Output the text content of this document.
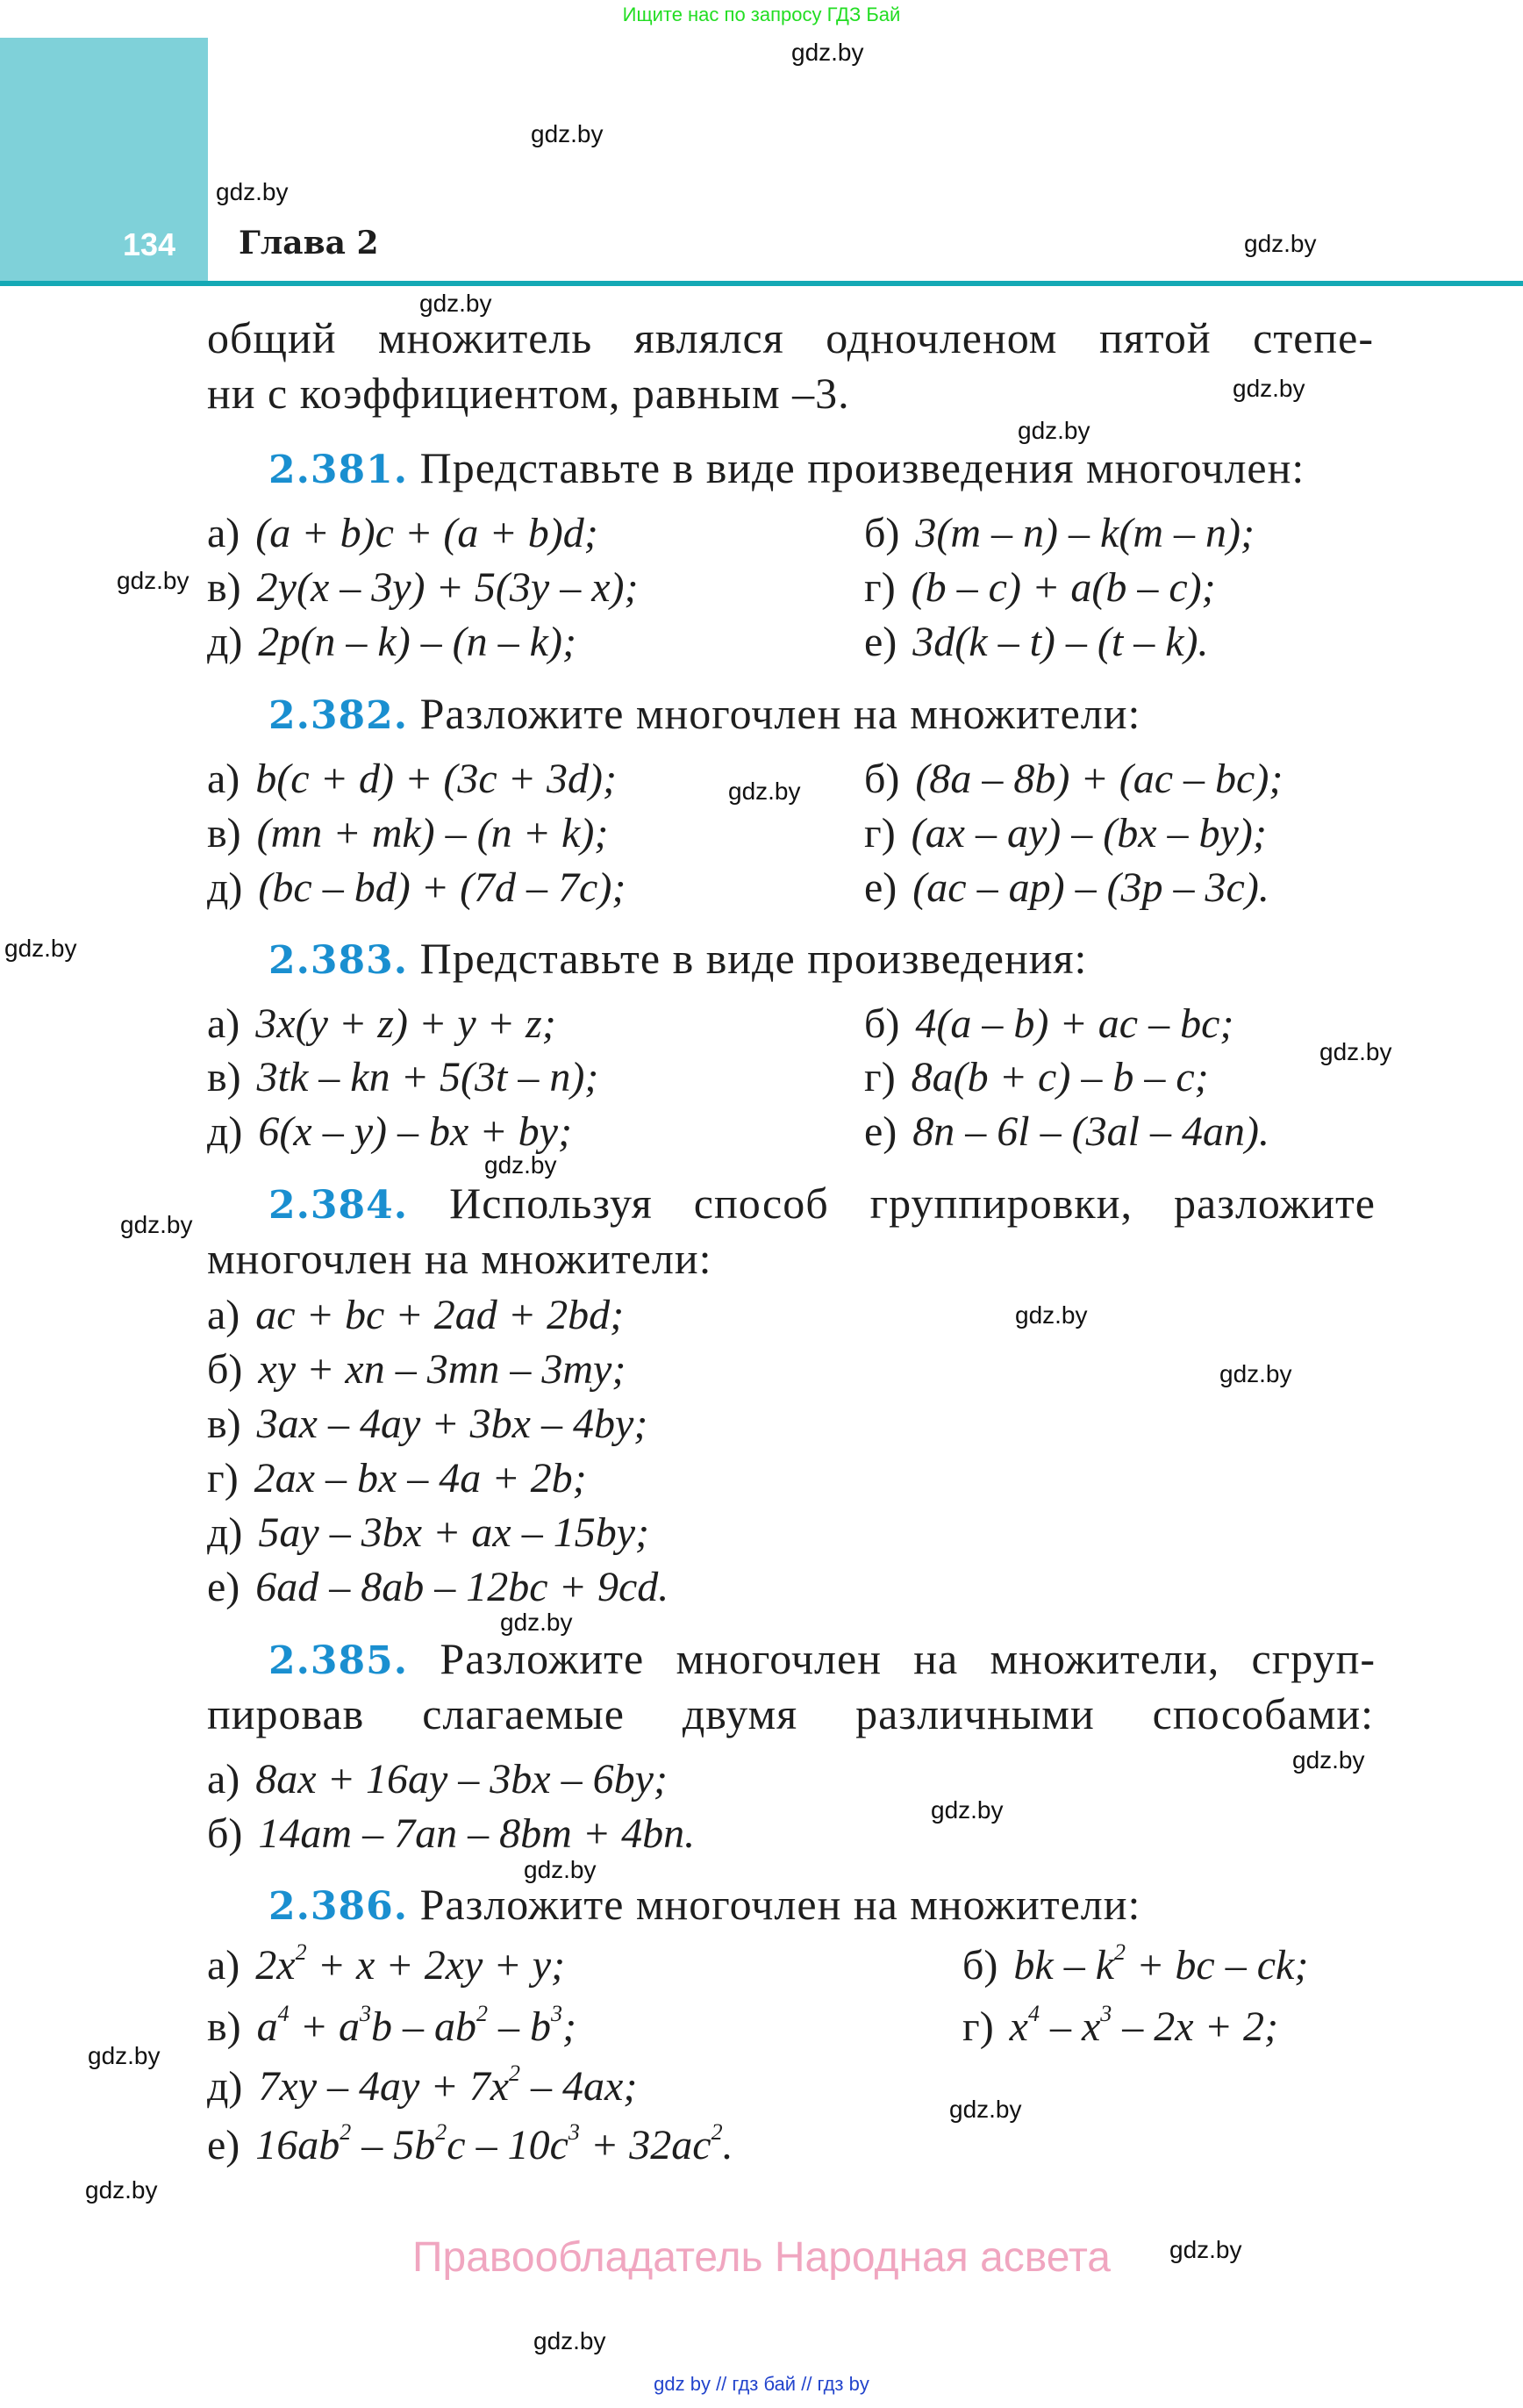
Ищите нас по запросу ГДЗ Бай
134 Глава 2
gdz.by
gdz.by
gdz.by
gdz.by
gdz.by
gdz.by
gdz.by
gdz.by
gdz.by
gdz.by
gdz.by
gdz.by
gdz.by
gdz.by
gdz.by
gdz.by
gdz.by
gdz.by
gdz.by
gdz.by
gdz.by
gdz.by
gdz.by
gdz.by
общий множитель являлся одночленом пятой степе-
ни с коэффициентом, равным –3.
2.381. Представьте в виде произведения многочлен:
а) (a + b)c + (a + b)d;	б) 3(m – n) – k(m – n);
в) 2y(x – 3y) + 5(3y – x);	г) (b – c) + a(b – c);
д) 2p(n – k) – (n – k);	е) 3d(k – t) – (t – k).
2.382. Разложите многочлен на множители:
а) b(c + d) + (3c + 3d);	б) (8a – 8b) + (ac – bc);
в) (mn + mk) – (n + k);	г) (ax – ay) – (bx – by);
д) (bc – bd) + (7d – 7c);	е) (ac – ap) – (3p – 3c).
2.383. Представьте в виде произведения:
а) 3x(y + z) + y + z;	б) 4(a – b) + ac – bc;
в) 3tk – kn + 5(3t – n);	г) 8a(b + c) – b – c;
д) 6(x – y) – bx + by;	е) 8n – 6l – (3al – 4an).
2.384. Используя способ группировки, разложите
многочлен на множители:
а) ac + bc + 2ad + 2bd;
б) xy + xn – 3mn – 3my;
в) 3ax – 4ay + 3bx – 4by;
г) 2ax – bx – 4a + 2b;
д) 5ay – 3bx + ax – 15by;
е) 6ad – 8ab – 12bc + 9cd.
2.385. Разложите многочлен на множители, сгруп-
пировав слагаемые двумя различными способами:
а) 8ax + 16ay – 3bx – 6by;
б) 14am – 7an – 8bm + 4bn.
2.386. Разложите многочлен на множители:
а) $2x^2 + x + 2xy + y$;	б) bk – $k^2$ + bc – ck;
в) $a^4 + a^3b - ab^2 - b^3$;	г) $x^4 - x^3 - 2x + 2$;
д) $7xy - 4ay + 7x^2 - 4ax$;
е) $16ab^2 - 5b^2c - 10c^3 + 32ac^2$.
Правообладатель Народная асвета
gdz by // гдз бай // гдз by
